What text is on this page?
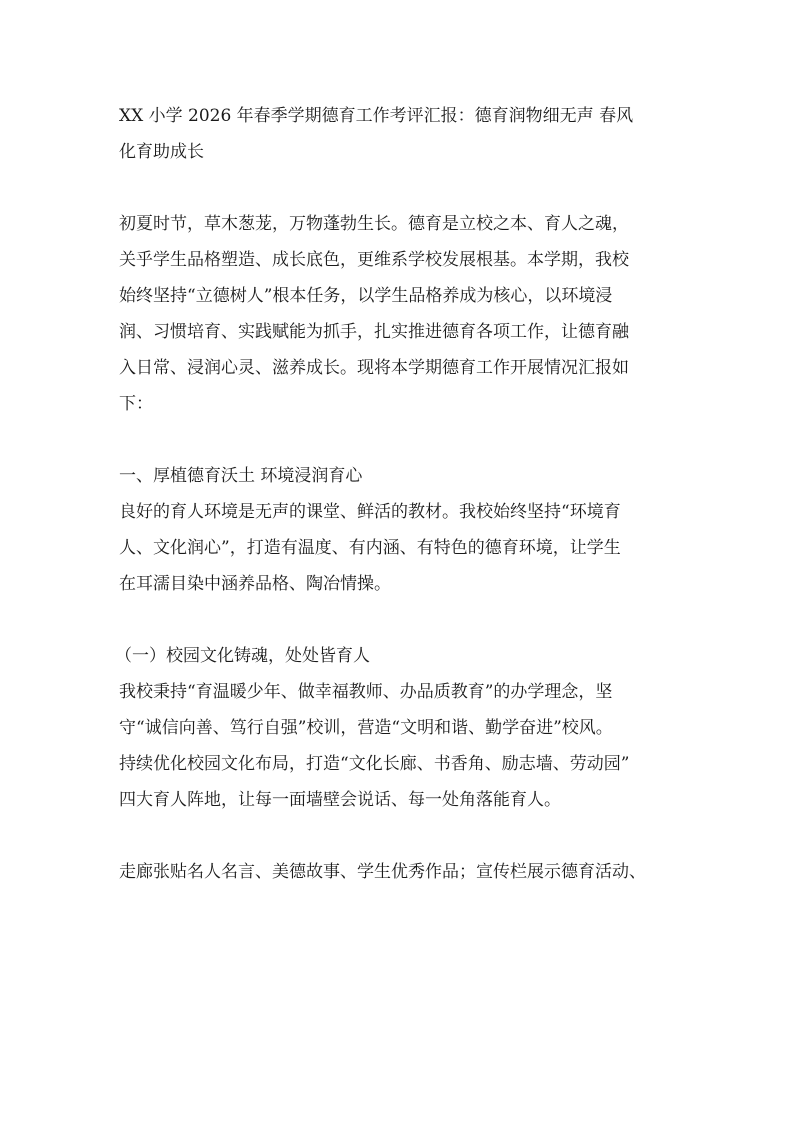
XX 小学 2026 年春季学期德育工作考评汇报：德育润物细无声 春风
化育助成长
初夏时节，草木葱茏，万物蓬勃生长。德育是立校之本、育人之魂，
关乎学生品格塑造、成长底色，更维系学校发展根基。本学期，我校
始终坚持“立德树人”根本任务，以学生品格养成为核心，以环境浸
润、习惯培育、实践赋能为抓手，扎实推进德育各项工作，让德育融
入日常、浸润心灵、滋养成长。现将本学期德育工作开展情况汇报如
下：
一、厚植德育沃土 环境浸润育心
良好的育人环境是无声的课堂、鲜活的教材。我校始终坚持“环境育
人、文化润心”，打造有温度、有内涵、有特色的德育环境，让学生
在耳濡目染中涵养品格、陶冶情操。
（一）校园文化铸魂，处处皆育人
我校秉持“育温暖少年、做幸福教师、办品质教育”的办学理念，坚
守“诚信向善、笃行自强”校训，营造“文明和谐、勤学奋进”校风。
持续优化校园文化布局，打造“文化长廊、书香角、励志墙、劳动园”
四大育人阵地，让每一面墙壁会说话、每一处角落能育人。
走廊张贴名人名言、美德故事、学生优秀作品；宣传栏展示德育活动、
